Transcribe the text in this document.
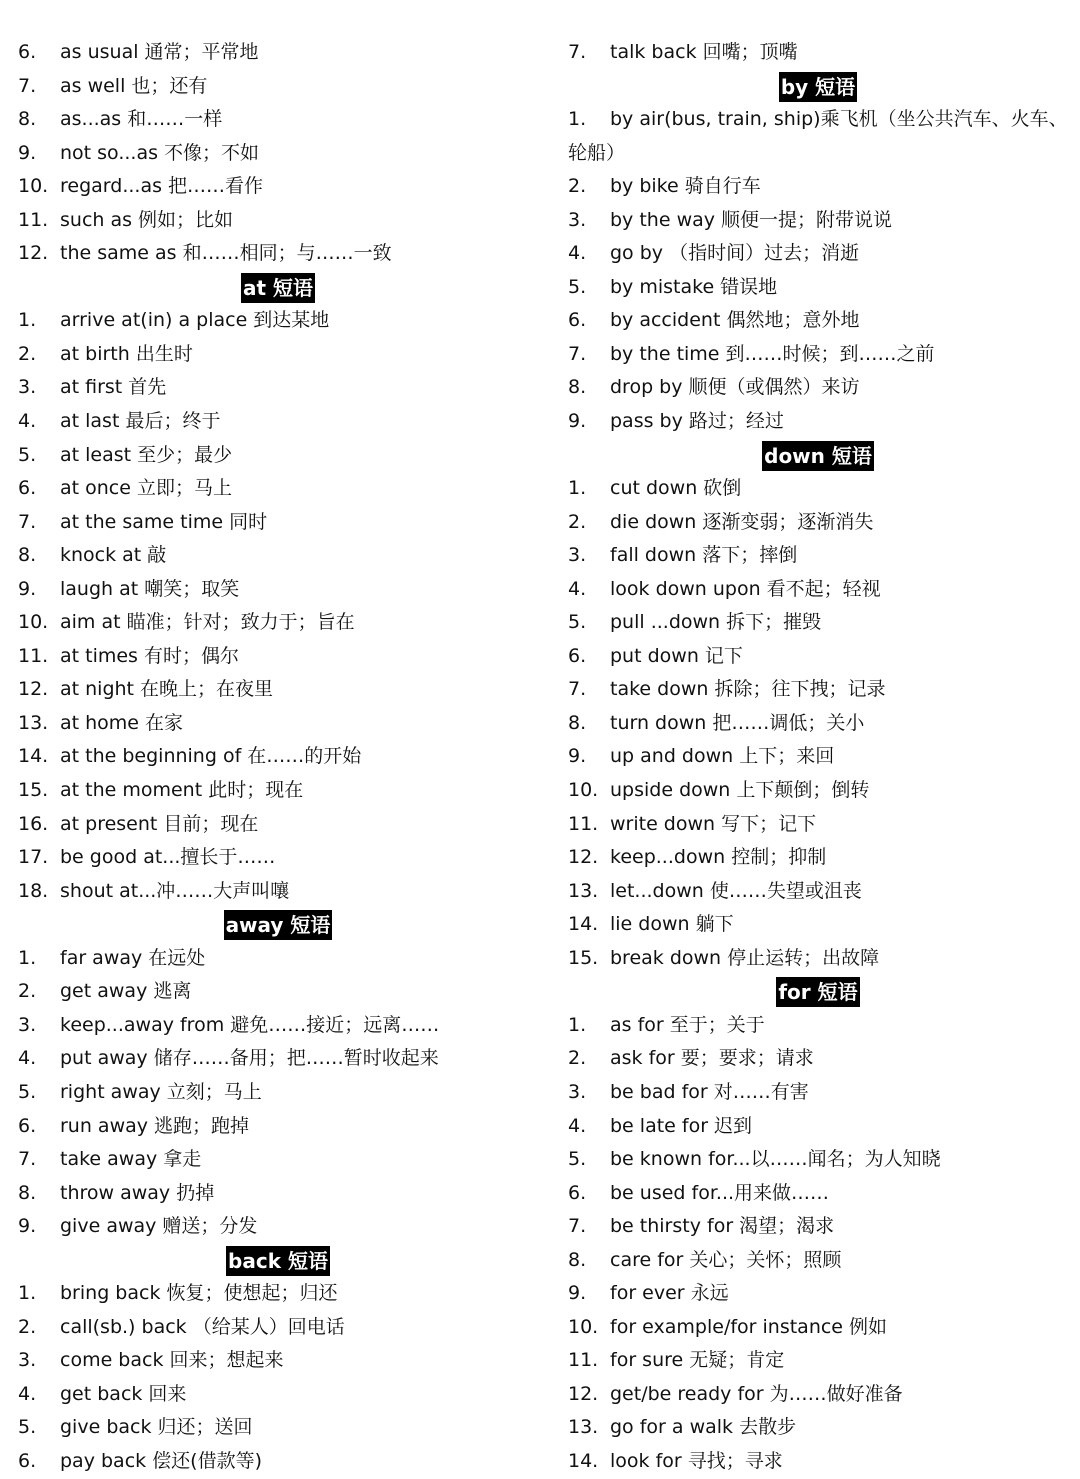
6. as usual 通常；平常地
7. as well 也；还有
8. as...as 和……一样
9. not so...as 不像；不如
10. regard...as 把……看作
11. such as 例如；比如
12. the same as 和……相同；与……一致
at 短语
1. arrive at(in) a place 到达某地
2. at birth 出生时
3. at first 首先
4. at last 最后；终于
5. at least 至少；最少
6. at once 立即；马上
7. at the same time 同时
8. knock at 敲
9. laugh at 嘲笑；取笑
10. aim at 瞄准；针对；致力于；旨在
11. at times 有时；偶尔
12. at night 在晚上；在夜里
13. at home 在家
14. at the beginning of 在……的开始
15. at the moment 此时；现在
16. at present 目前；现在
17. be good at...擅长于……
18. shout at...冲……大声叫嚷
away 短语
1. far away 在远处
2. get away 逃离
3. keep...away from 避免……接近；远离……
4. put away 储存……备用；把……暂时收起来
5. right away 立刻；马上
6. run away 逃跑；跑掉
7. take away 拿走
8. throw away 扔掉
9. give away 赠送；分发
back 短语
1. bring back 恢复；使想起；归还
2. call(sb.) back （给某人）回电话
3. come back 回来；想起来
4. get back 回来
5. give back 归还；送回
6. pay back 偿还(借款等)
7. talk back 回嘴；顶嘴
by 短语
1. by air(bus, train, ship)乘飞机（坐公共汽车、火车、
轮船）
2. by bike 骑自行车
3. by the way 顺便一提；附带说说
4. go by （指时间）过去；消逝
5. by mistake 错误地
6. by accident 偶然地；意外地
7. by the time 到……时候；到……之前
8. drop by 顺便（或偶然）来访
9. pass by 路过；经过
down 短语
1. cut down 砍倒
2. die down 逐渐变弱；逐渐消失
3. fall down 落下；摔倒
4. look down upon 看不起；轻视
5. pull ...down 拆下；摧毁
6. put down 记下
7. take down 拆除；往下拽；记录
8. turn down 把……调低；关小
9. up and down 上下；来回
10. upside down 上下颠倒；倒转
11. write down 写下；记下
12. keep...down 控制；抑制
13. let...down 使……失望或沮丧
14. lie down 躺下
15. break down 停止运转；出故障
for 短语
1. as for 至于；关于
2. ask for 要；要求；请求
3. be bad for 对……有害
4. be late for 迟到
5. be known for...以……闻名；为人知晓
6. be used for...用来做……
7. be thirsty for 渴望；渴求
8. care for 关心；关怀；照顾
9. for ever 永远
10. for example/for instance 例如
11. for sure 无疑；肯定
12. get/be ready for 为……做好准备
13. go for a walk 去散步
14. look for 寻找；寻求
